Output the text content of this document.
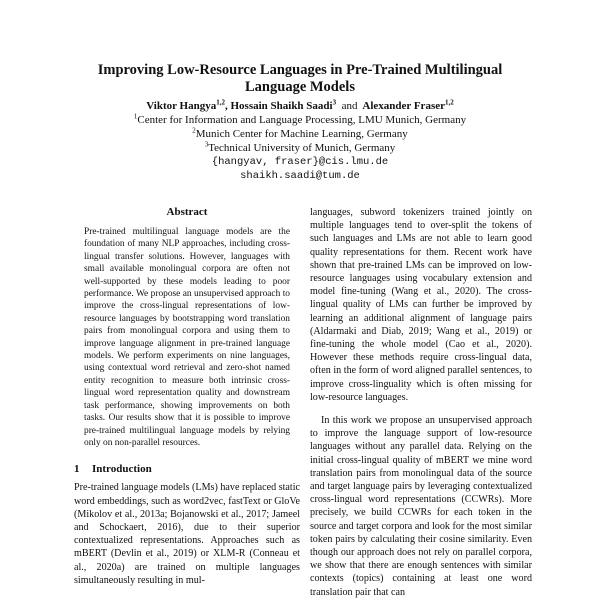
Improving Low-Resource Languages in Pre-Trained Multilingual
Language Models
Viktor Hangya$^{1,2}$, Hossain Shaikh Saadi$^3$ and Alexander Fraser$^{1,2}$
$^1$Center for Information and Language Processing, LMU Munich, Germany
$^2$Munich Center for Machine Learning, Germany
$^3$Technical University of Munich, Germany
{hangyav, fraser}@cis.lmu.de
shaikh.saadi@tum.de
Abstract

Pre-trained multilingual language models are the foundation of many NLP approaches, including cross-lingual transfer solutions. However, languages with small available monolingual corpora are often not well-supported by these models leading to poor performance. We propose an unsupervised approach to improve the cross-lingual representations of low-resource languages by bootstrapping word translation pairs from monolingual corpora and using them to improve language alignment in pre-trained language models. We perform experiments on nine languages, using contextual word retrieval and zero-shot named entity recognition to measure both intrinsic cross-lingual word representation quality and downstream task performance, showing improvements on both tasks. Our results show that it is possible to improve pre-trained multilingual language models by relying only on non-parallel resources.

1 Introduction

Pre-trained language models (LMs) have replaced static word embeddings, such as word2vec, fastText or GloVe (Mikolov et al., 2013a; Bojanowski et al., 2017; Jameel and Schockaert, 2016), due to their superior contextualized representations. Approaches such as mBERT (Devlin et al., 2019) or XLM-R (Conneau et al., 2020a) are trained on multiple languages simultaneously resulting in mul-

languages, subword tokenizers trained jointly on multiple languages tend to over-split the tokens of such languages and LMs are not able to learn good quality representations for them. Recent work have shown that pre-trained LMs can be improved on low-resource languages using vocabulary extension and model fine-tuning (Wang et al., 2020). The cross-lingual quality of LMs can further be improved by learning an additional alignment of language pairs (Aldarmaki and Diab, 2019; Wang et al., 2019) or fine-tuning the whole model (Cao et al., 2020). However these methods require cross-lingual data, often in the form of word aligned parallel sentences, to improve cross-linguality which is often missing for low-resource languages.

In this work we propose an unsupervised approach to improve the language support of low-resource languages without any parallel data. Relying on the initial cross-lingual quality of mBERT we mine word translation pairs from monolingual data of the source and target language pairs by leveraging contextualized cross-lingual word representations (CCWRs). More precisely, we build CCWRs for each token in the source and target corpora and look for the most similar token pairs by calculating their cosine similarity. Even though our approach does not rely on parallel corpora, we show that there are enough sentences with similar contexts (topics) containing at least one word translation pair that can
